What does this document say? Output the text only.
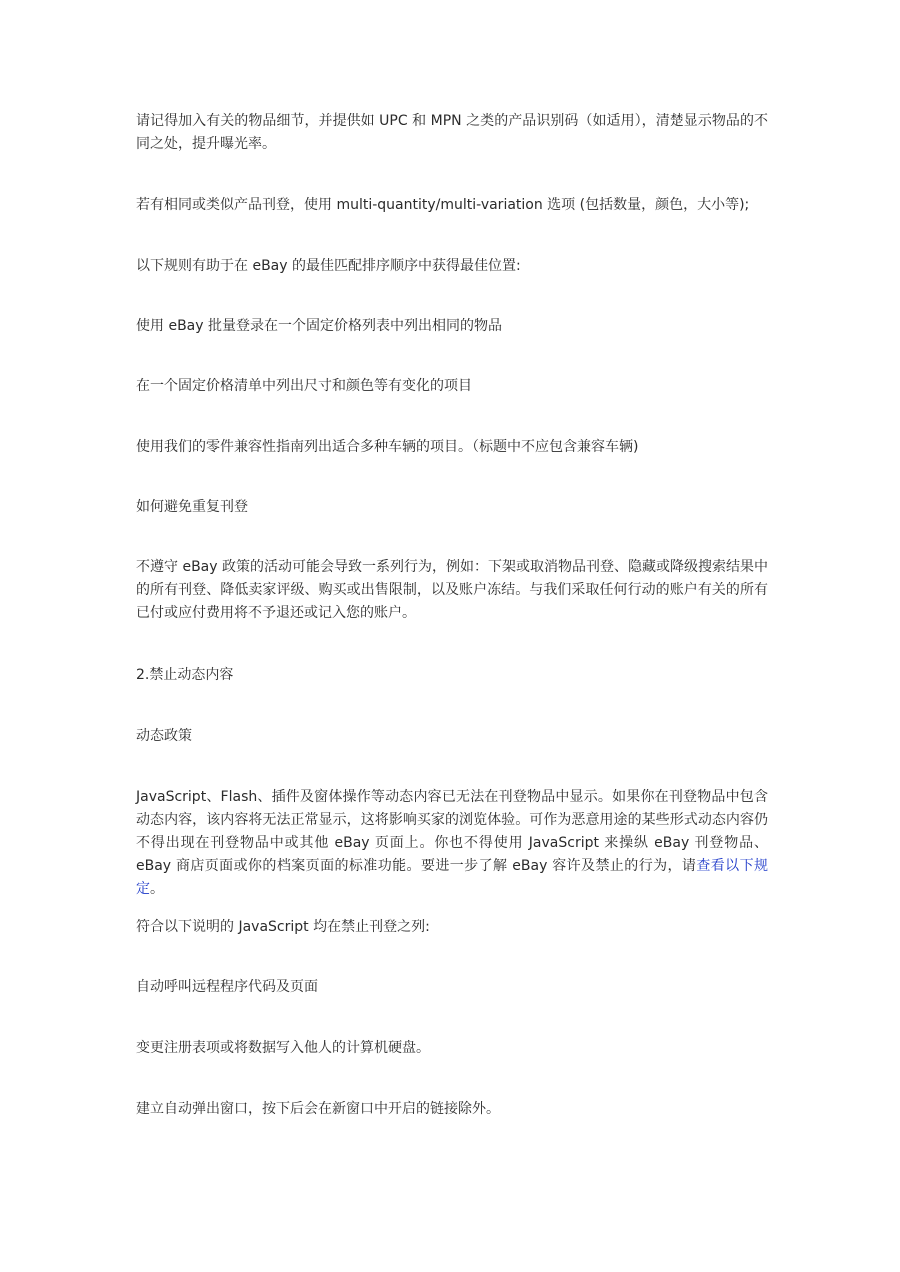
请记得加入有关的物品细节，并提供如 UPC 和 MPN 之类的产品识别码（如适用），清楚显示物品的不同之处，提升曝光率。

若有相同或类似产品刊登，使用 multi-quantity/multi-variation 选项 (包括数量，颜色，大小等);

以下规则有助于在 eBay 的最佳匹配排序顺序中获得最佳位置:

使用 eBay 批量登录在一个固定价格列表中列出相同的物品

在一个固定价格清单中列出尺寸和颜色等有变化的项目

使用我们的零件兼容性指南列出适合多种车辆的项目。（标题中不应包含兼容车辆)

如何避免重复刊登

不遵守 eBay 政策的活动可能会导致一系列行为，例如：下架或取消物品刊登、隐藏或降级搜索结果中的所有刊登、降低卖家评级、购买或出售限制，以及账户冻结。与我们采取任何行动的账户有关的所有已付或应付费用将不予退还或记入您的账户。

2.禁止动态内容

动态政策

JavaScript、Flash、插件及窗体操作等动态内容已无法在刊登物品中显示。如果你在刊登物品中包含动态内容，该内容将无法正常显示，这将影响买家的浏览体验。可作为恶意用途的某些形式动态内容仍不得出现在刊登物品中或其他 eBay 页面上。你也不得使用 JavaScript 来操纵 eBay 刊登物品、eBay 商店页面或你的档案页面的标准功能。要进一步了解 eBay 容许及禁止的行为，请查看以下规定。

符合以下说明的 JavaScript 均在禁止刊登之列:

自动呼叫远程程序代码及页面

变更注册表项或将数据写入他人的计算机硬盘。

建立自动弹出窗口，按下后会在新窗口中开启的链接除外。
